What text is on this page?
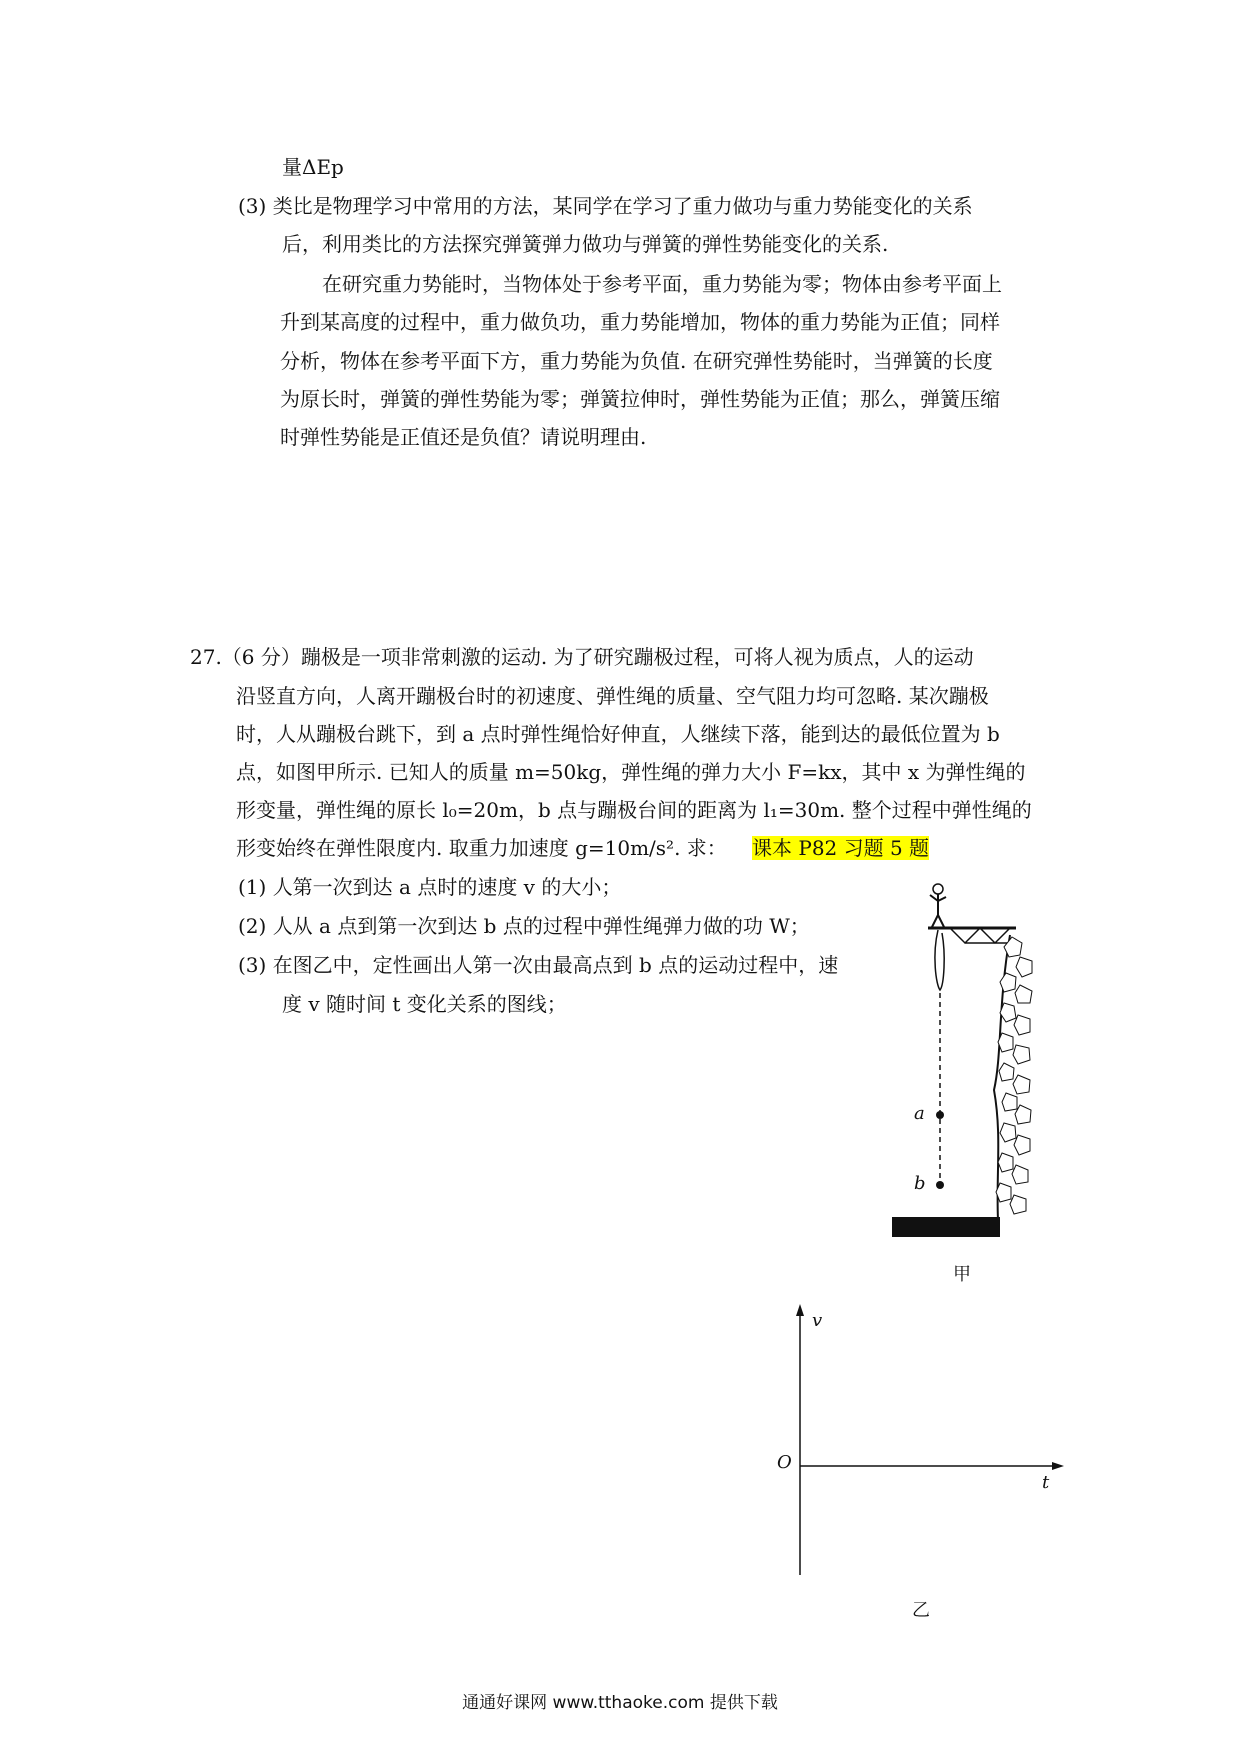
量ΔEp
(3) 类比是物理学习中常用的方法，某同学在学习了重力做功与重力势能变化的关系
后，利用类比的方法探究弹簧弹力做功与弹簧的弹性势能变化的关系.
在研究重力势能时，当物体处于参考平面，重力势能为零；物体由参考平面上
升到某高度的过程中，重力做负功，重力势能增加，物体的重力势能为正值；同样
分析，物体在参考平面下方，重力势能为负值. 在研究弹性势能时，当弹簧的长度
为原长时，弹簧的弹性势能为零；弹簧拉伸时，弹性势能为正值；那么，弹簧压缩
时弹性势能是正值还是负值？请说明理由.
27.（6 分）蹦极是一项非常刺激的运动. 为了研究蹦极过程，可将人视为质点，人的运动
沿竖直方向，人离开蹦极台时的初速度、弹性绳的质量、空气阻力均可忽略. 某次蹦极
时，人从蹦极台跳下，到 a 点时弹性绳恰好伸直，人继续下落，能到达的最低位置为 b
点，如图甲所示. 已知人的质量 m=50kg，弹性绳的弹力大小 F=kx，其中 x 为弹性绳的
形变量，弹性绳的原长 l₀=20m，b 点与蹦极台间的距离为 l₁=30m. 整个过程中弹性绳的
形变始终在弹性限度内. 取重力加速度 g=10m/s². 求： 课本 P82 习题 5 题
(1) 人第一次到达 a 点时的速度 v 的大小；
(2) 人从 a 点到第一次到达 b 点的过程中弹性绳弹力做的功 W；
(3) 在图乙中，定性画出人第一次由最高点到 b 点的运动过程中，速
度 v 随时间 t 变化关系的图线；
a
b
甲
v
t
O
乙
通通好课网 www.tthaoke.com 提供下载
